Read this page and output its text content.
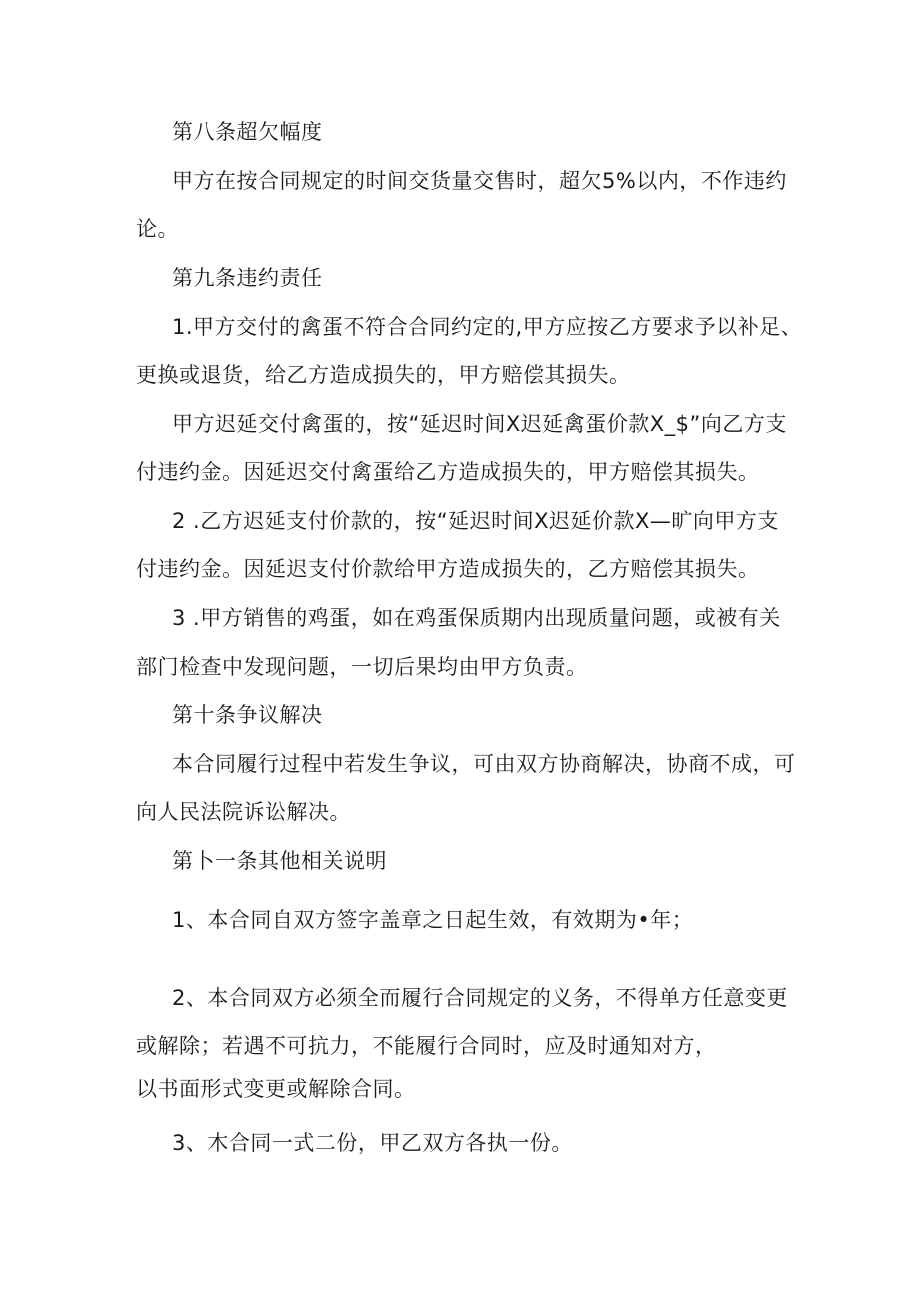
第八条超欠幅度
甲方在按合同规定的时间交货量交售时，超欠5%以内，不作违约
论。
第九条违约责任
1.甲方交付的禽蛋不符合合同约定的,甲方应按乙方要求予以补足、
更换或退货，给乙方造成损失的，甲方赔偿其损失。
甲方迟延交付禽蛋的，按“延迟时间X迟延禽蛋价款X_$”向乙方支
付违约金。因延迟交付禽蛋给乙方造成损失的，甲方赔偿其损失。
2 .乙方迟延支付价款的，按“延迟时间X迟延价款X—旷向甲方支
付违约金。因延迟支付价款给甲方造成损失的，乙方赔偿其损失。
3 .甲方销售的鸡蛋，如在鸡蛋保质期内出现质量问题，或被有关
部门检查中发现问题，一切后果均由甲方负责。
第十条争议解决
本合同履行过程中若发生争议，可由双方协商解决，协商不成，可
向人民法院诉讼解决。
第卜一条其他相关说明
1、本合同自双方签字盖章之日起生效，有效期为•年；
2、本合同双方必须全而履行合同规定的义务，不得单方任意变更
或解除；若遇不可抗力，不能履行合同时，应及时通知对方，
以书面形式变更或解除合同。
3、木合同一式二份，甲乙双方各执一份。
